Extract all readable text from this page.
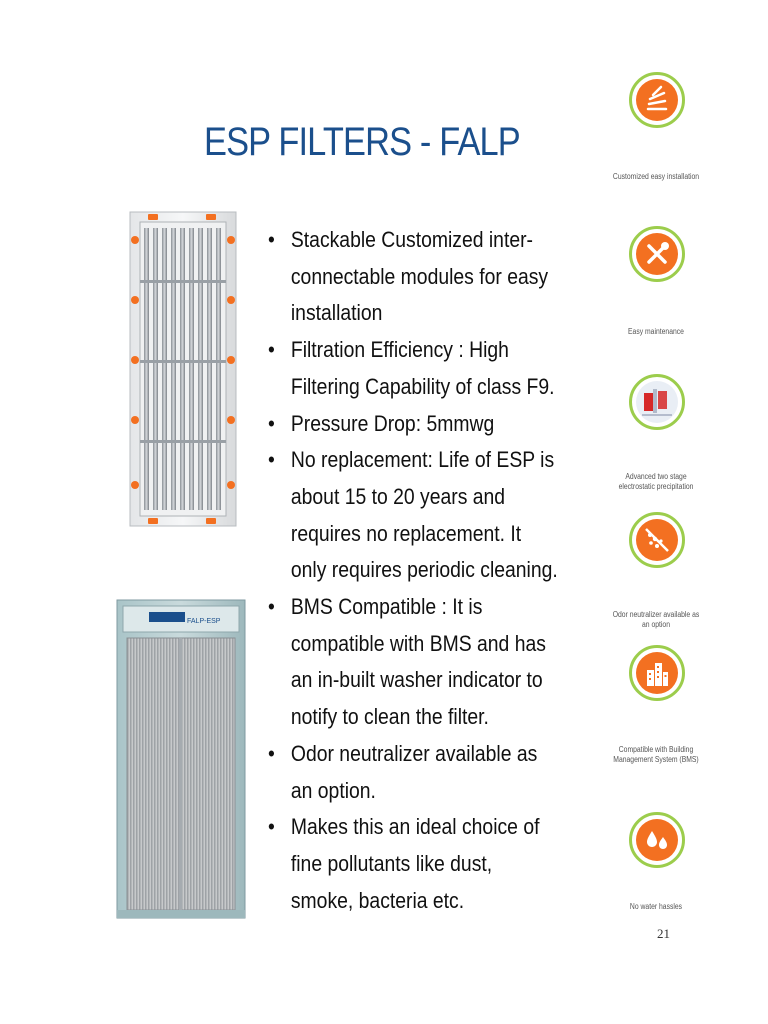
ESP FILTERS - FALP
• Stackable Customized inter-connectable modules for easy installation
• Filtration Efficiency : High Filtering Capability of class F9.
• Pressure Drop: 5mmwg
• No replacement: Life of ESP is about 15 to 20 years and requires no replacement. It only requires periodic cleaning.
• BMS Compatible : It is compatible with BMS and has an in-built washer indicator to notify to clean the filter.
• Odor neutralizer available as an option.
• Makes this an ideal choice of fine pollutants like dust, smoke, bacteria etc.
FALP-ESP
Customized easy installation
Easy maintenance
Advanced two stage electrostatic precipitation
Odor neutralizer available as an option
Compatible with Building Management System (BMS)
No water hassles
21
